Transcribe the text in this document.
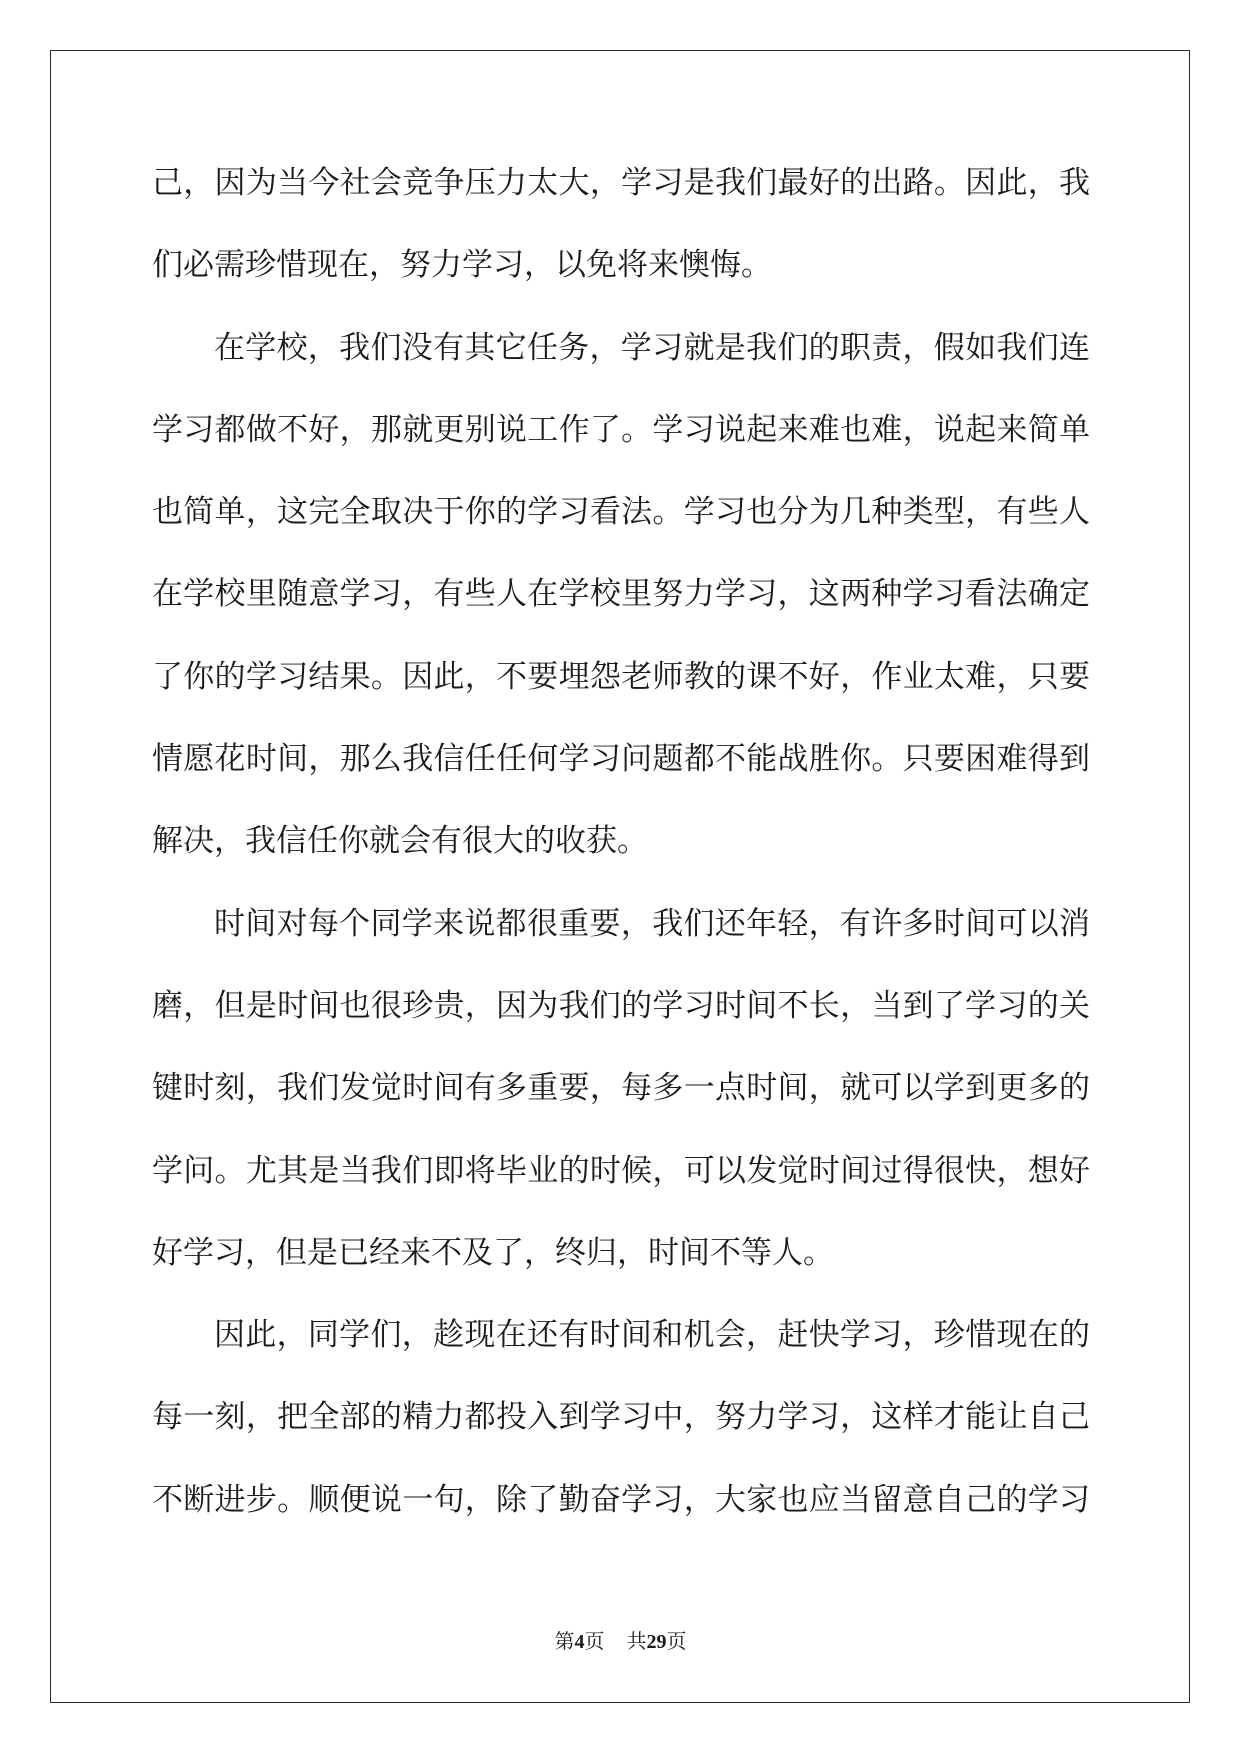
己，因为当今社会竞争压力太大，学习是我们最好的出路。因此，我
们必需珍惜现在，努力学习，以免将来懊悔。
在学校，我们没有其它任务，学习就是我们的职责，假如我们连
学习都做不好，那就更别说工作了。学习说起来难也难，说起来简单
也简单，这完全取决于你的学习看法。学习也分为几种类型，有些人
在学校里随意学习，有些人在学校里努力学习，这两种学习看法确定
了你的学习结果。因此，不要埋怨老师教的课不好，作业太难，只要
情愿花时间，那么我信任任何学习问题都不能战胜你。只要困难得到
解决，我信任你就会有很大的收获。
时间对每个同学来说都很重要，我们还年轻，有许多时间可以消
磨，但是时间也很珍贵，因为我们的学习时间不长，当到了学习的关
键时刻，我们发觉时间有多重要，每多一点时间，就可以学到更多的
学问。尤其是当我们即将毕业的时候，可以发觉时间过得很快，想好
好学习，但是已经来不及了，终归，时间不等人。
因此，同学们，趁现在还有时间和机会，赶快学习，珍惜现在的
每一刻，把全部的精力都投入到学习中，努力学习，这样才能让自己
不断进步。顺便说一句，除了勤奋学习，大家也应当留意自己的学习
第4页 共29页
